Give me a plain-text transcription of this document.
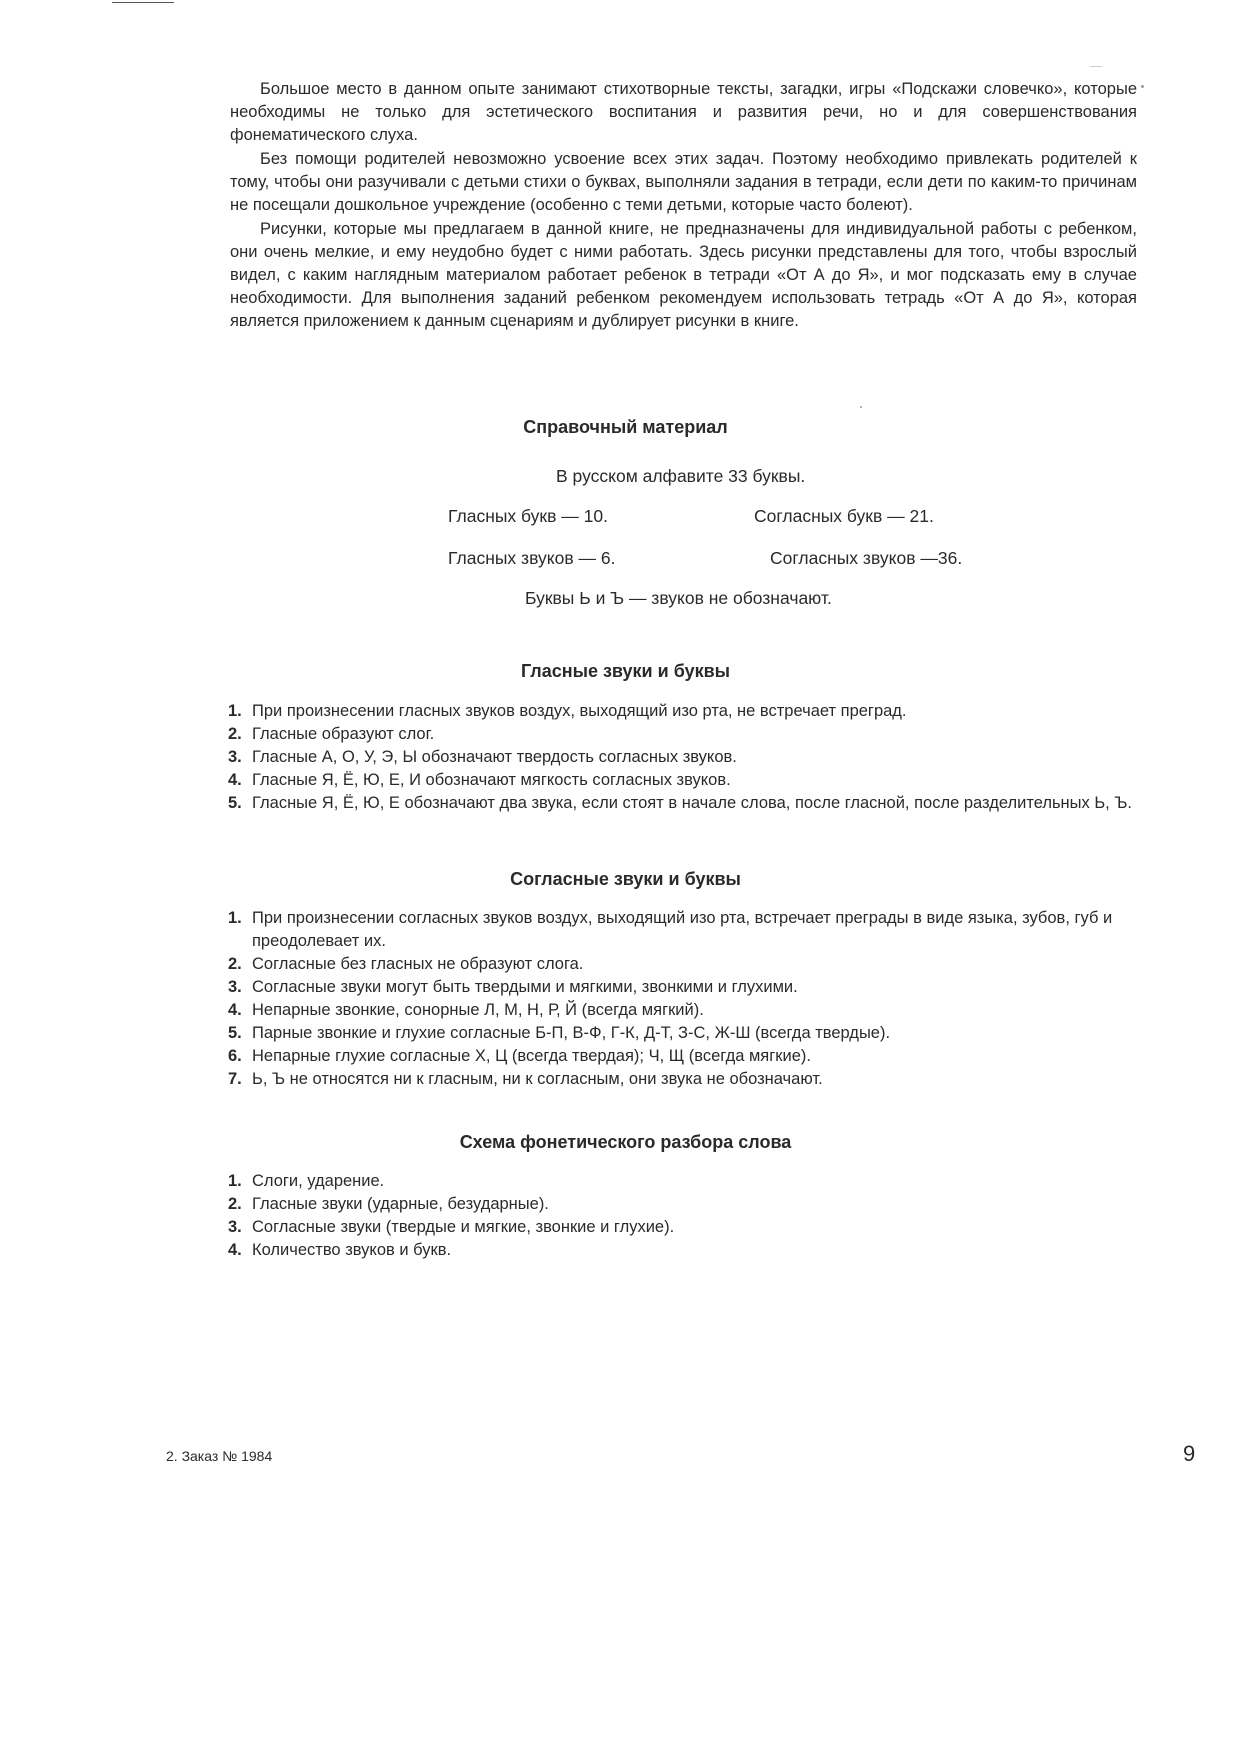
Большое место в данном опыте занимают стихотворные тексты, загадки, игры «Подскажи словечко», которые необходимы не только для эстетического воспитания и развития речи, но и для совершенствования фонематического слуха.

Без помощи родителей невозможно усвоение всех этих задач. Поэтому необходимо привлекать родителей к тому, чтобы они разучивали с детьми стихи о буквах, выполняли задания в тетради, если дети по каким-то причинам не посещали дошкольное учреждение (особенно с теми детьми, которые часто болеют).

Рисунки, которые мы предлагаем в данной книге, не предназначены для индивидуальной работы с ребенком, они очень мелкие, и ему неудобно будет с ними работать. Здесь рисунки представлены для того, чтобы взрослый видел, с каким наглядным материалом работает ребенок в тетради «От А до Я», и мог подсказать ему в случае необходимости. Для выполнения заданий ребенком рекомендуем использовать тетрадь «От А до Я», которая является приложением к данным сценариям и дублирует рисунки в книге.

Справочный материал
В русском алфавите 33 буквы.
Гласных букв — 10.	Согласных букв — 21.
Гласных звуков — 6.	Согласных звуков —36.
Буквы Ь и Ъ — звуков не обозначают.
Гласные звуки и буквы
1. При произнесении гласных звуков воздух, выходящий изо рта, не встречает преград.
2. Гласные образуют слог.
3. Гласные А, О, У, Э, Ы обозначают твердость согласных звуков.
4. Гласные Я, Ё, Ю, Е, И обозначают мягкость согласных звуков.
5. Гласные Я, Ё, Ю, Е обозначают два звука, если стоят в начале слова, после гласной, после разделительных Ь, Ъ.
Согласные звуки и буквы
1. При произнесении согласных звуков воздух, выходящий изо рта, встречает преграды в виде языка, зубов, губ и преодолевает их.
2. Согласные без гласных не образуют слога.
3. Согласные звуки могут быть твердыми и мягкими, звонкими и глухими.
4. Непарные звонкие, сонорные Л, М, Н, Р, Й (всегда мягкий).
5. Парные звонкие и глухие согласные Б-П, В-Ф, Г-К, Д-Т, З-С, Ж-Ш (всегда твердые).
6. Непарные глухие согласные Х, Ц (всегда твердая); Ч, Щ (всегда мягкие).
7. Ь, Ъ не относятся ни к гласным, ни к согласным, они звука не обозначают.
Схема фонетического разбора слова
1. Слоги, ударение.
2. Гласные звуки (ударные, безударные).
3. Согласные звуки (твердые и мягкие, звонкие и глухие).
4. Количество звуков и букв.
2. Заказ № 1984	9
